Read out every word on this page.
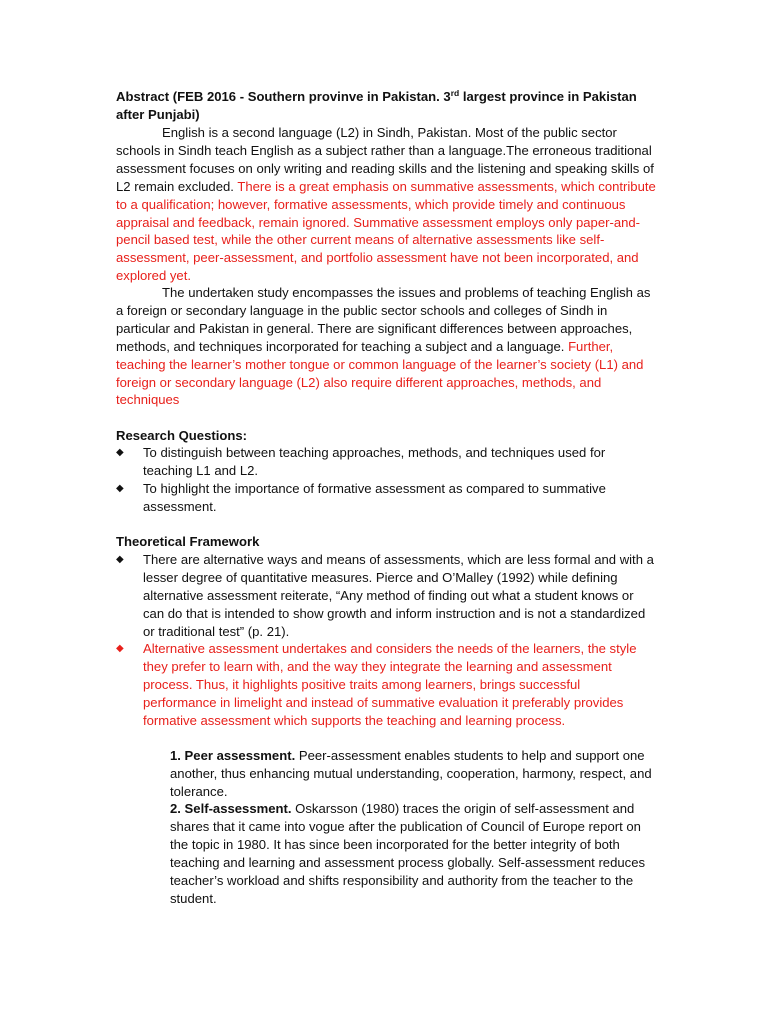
Abstract (FEB 2016 - Southern provinve in Pakistan. 3rd largest province in Pakistan after Punjabi)

English is a second language (L2) in Sindh, Pakistan. Most of the public sector schools in Sindh teach English as a subject rather than a language.The erroneous traditional assessment focuses on only writing and reading skills and the listening and speaking skills of L2 remain excluded. There is a great emphasis on summative assessments, which contribute to a qualification; however, formative assessments, which provide timely and continuous appraisal and feedback, remain ignored. Summative assessment employs only paper-and- pencil based test, while the other current means of alternative assessments like self-assessment, peer-assessment, and portfolio assessment have not been incorporated, and explored yet.

The undertaken study encompasses the issues and problems of teaching English as a foreign or secondary language in the public sector schools and colleges of Sindh in particular and Pakistan in general. There are significant differences between approaches, methods, and techniques incorporated for teaching a subject and a language. Further, teaching the learner’s mother tongue or common language of the learner’s society (L1) and foreign or secondary language (L2) also require different approaches, methods, and techniques

Research Questions:
◆	To distinguish between teaching approaches, methods, and techniques used for teaching L1 and L2.
◆	To highlight the importance of formative assessment as compared to summative assessment.
Theoretical Framework
◆	There are alternative ways and means of assessments, which are less formal and with a lesser degree of quantitative measures. Pierce and O’Malley (1992) while defining alternative assessment reiterate, “Any method of finding out what a student knows or can do that is intended to show growth and inform instruction and is not a standardized or traditional test” (p. 21).
◆	Alternative assessment undertakes and considers the needs of the learners, the style they prefer to learn with, and the way they integrate the learning and assessment process. Thus, it highlights positive traits among learners, brings successful performance in limelight and instead of summative evaluation it preferably provides formative assessment which supports the teaching and learning process.
1. Peer assessment. Peer-assessment enables students to help and support one another, thus enhancing mutual understanding, cooperation, harmony, respect, and tolerance.
2. Self-assessment. Oskarsson (1980) traces the origin of self-assessment and shares that it came into vogue after the publication of Council of Europe report on the topic in 1980. It has since been incorporated for the better integrity of both teaching and learning and assessment process globally. Self-assessment reduces teacher’s workload and shifts responsibility and authority from the teacher to the student.
